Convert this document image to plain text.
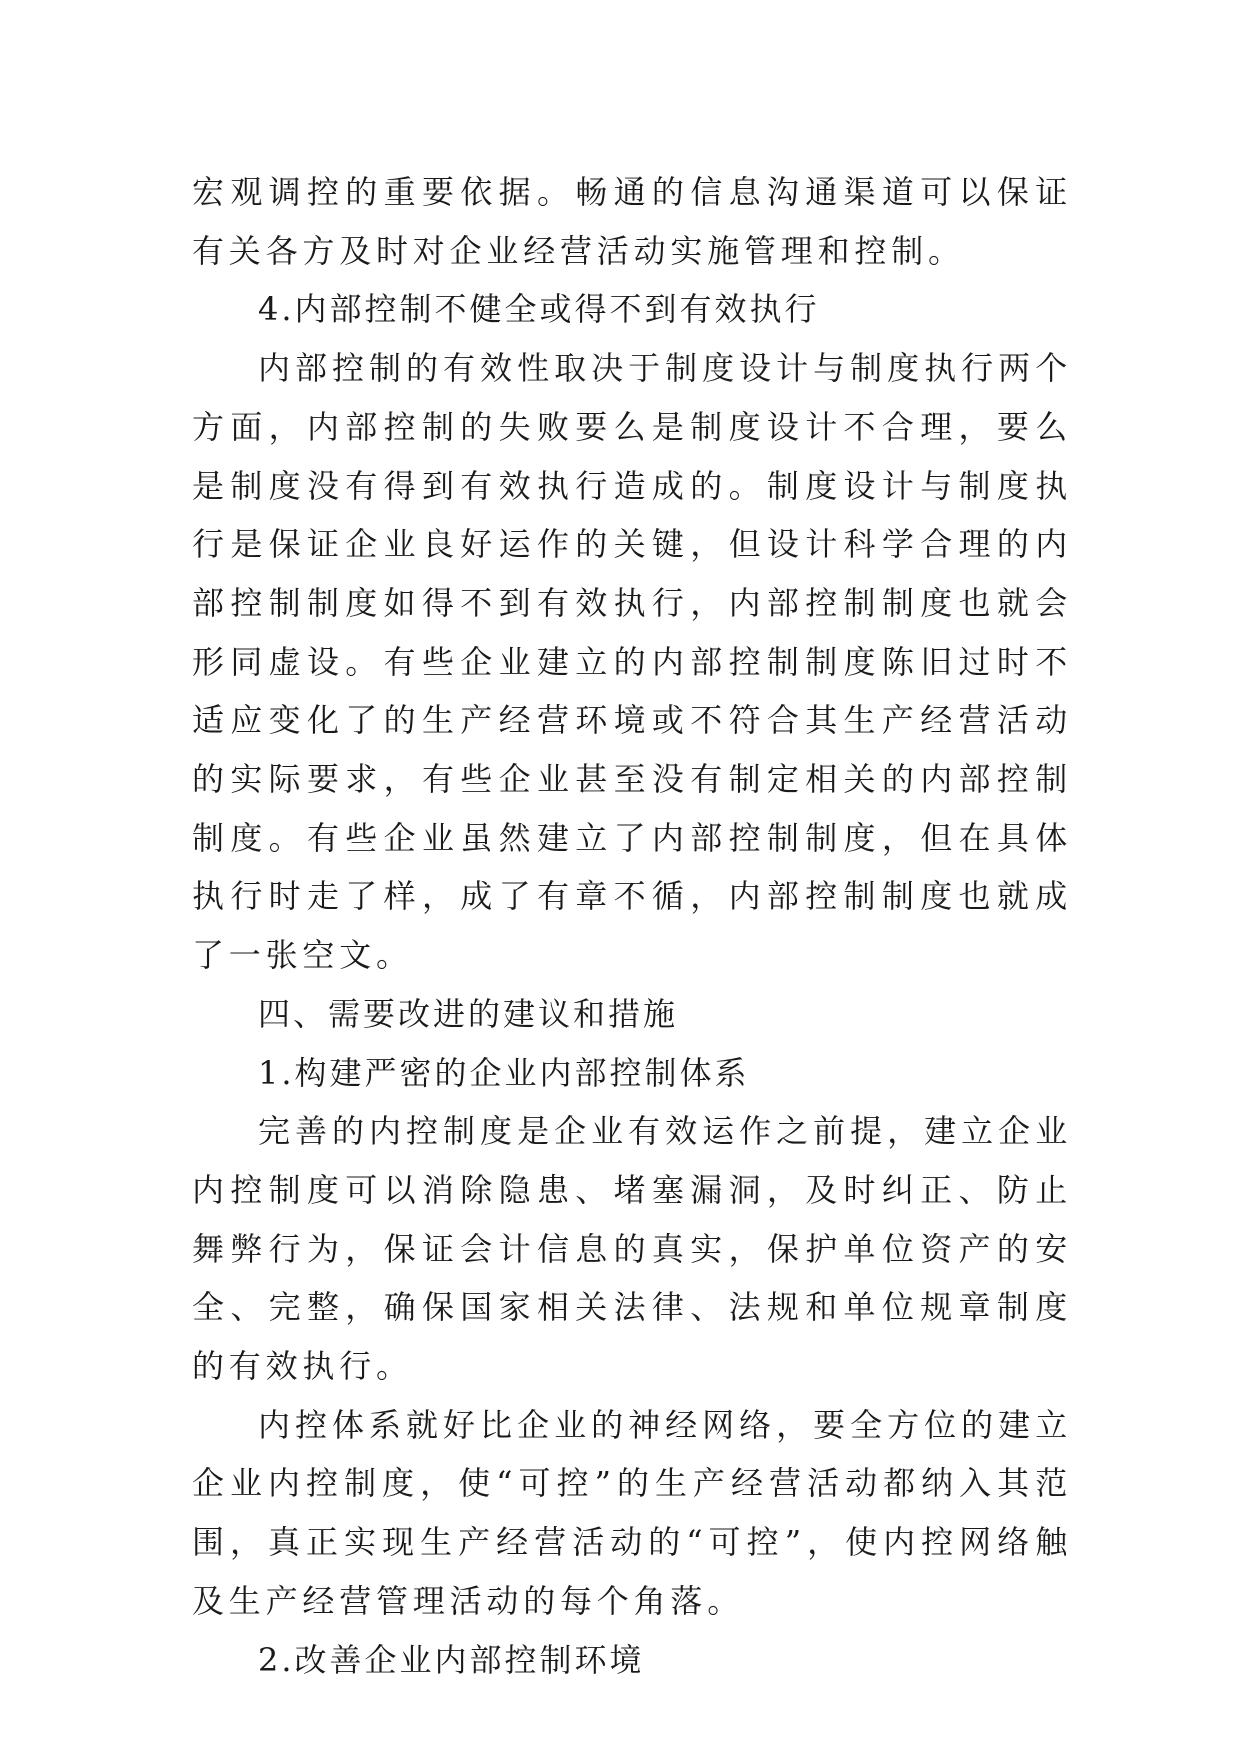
宏观调控的重要依据。畅通的信息沟通渠道可以保证有关各方及时对企业经营活动实施管理和控制。

4.内部控制不健全或得不到有效执行

内部控制的有效性取决于制度设计与制度执行两个方面，内部控制的失败要么是制度设计不合理，要么是制度没有得到有效执行造成的。制度设计与制度执行是保证企业良好运作的关键，但设计科学合理的内部控制制度如得不到有效执行，内部控制制度也就会形同虚设。有些企业建立的内部控制制度陈旧过时不适应变化了的生产经营环境或不符合其生产经营活动的实际要求，有些企业甚至没有制定相关的内部控制制度。有些企业虽然建立了内部控制制度，但在具体执行时走了样，成了有章不循，内部控制制度也就成了一张空文。

四、需要改进的建议和措施

1.构建严密的企业内部控制体系

完善的内控制度是企业有效运作之前提，建立企业内控制度可以消除隐患、堵塞漏洞，及时纠正、防止舞弊行为，保证会计信息的真实，保护单位资产的安全、完整，确保国家相关法律、法规和单位规章制度的有效执行。

内控体系就好比企业的神经网络，要全方位的建立企业内控制度，使“可控”的生产经营活动都纳入其范围，真正实现生产经营活动的“可控”，使内控网络触及生产经营管理活动的每个角落。

2.改善企业内部控制环境
